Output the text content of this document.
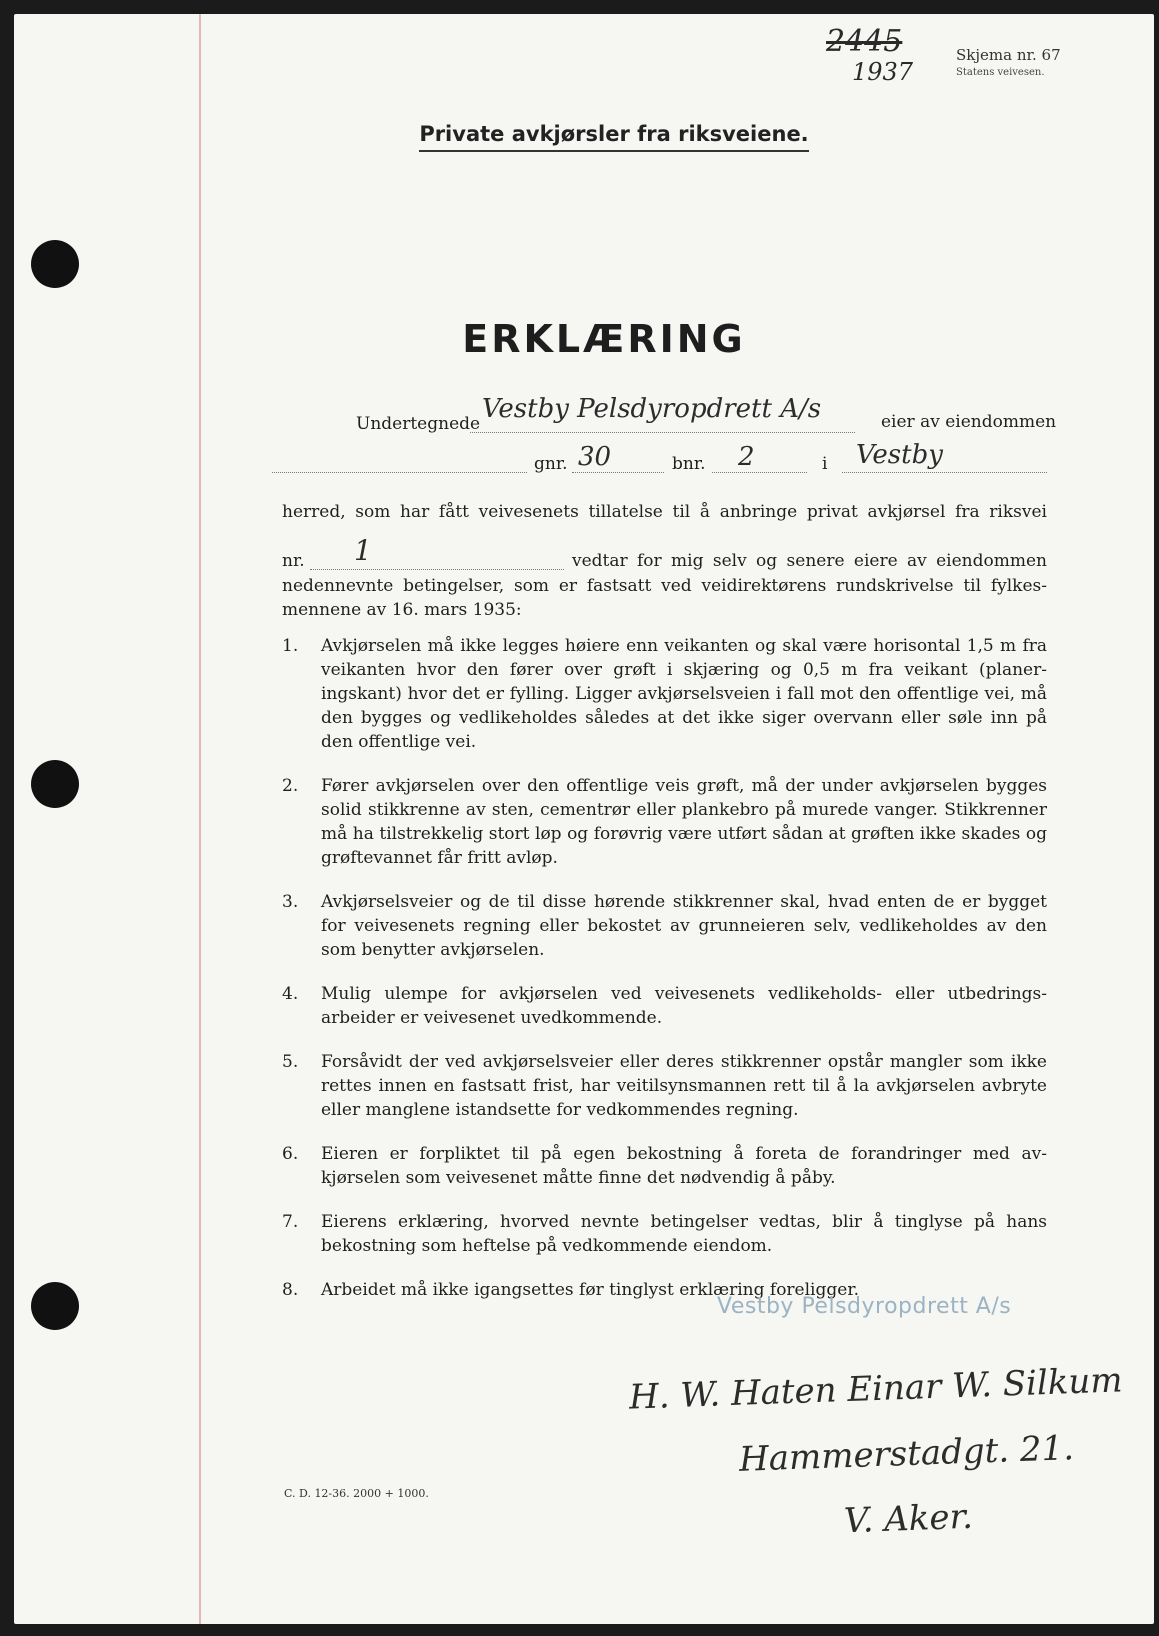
2445
1937
Skjema nr. 67
Statens veivesen.
Private avkjørsler fra riksveiene.
ERKLÆRING
Undertegnede Vestby Pelsdyropdrett A/s	eier av eiendommen
gnr. 30	bnr. 2	i Vestby
herred, som har fått veivesenets tillatelse til å anbringe privat avkjørsel fra riksvei
nr. 1	vedtar for mig selv og senere eiere av eiendommen
nedennevnte betingelser, som er fastsatt ved veidirektørens rundskrivelse til fylkes-
mennene av 16. mars 1935:
1.	Avkjørselen må ikke legges høiere enn veikanten og skal være horisontal 1,5 m fra veikanten hvor den fører over grøft i skjæring og 0,5 m fra veikant (planer-ingskant) hvor det er fylling. Ligger avkjørselsveien i fall mot den offentlige vei, må den bygges og vedlikeholdes således at det ikke siger overvann eller søle inn på den offentlige vei.
2.	Fører avkjørselen over den offentlige veis grøft, må der under avkjørselen bygges solid stikkrenne av sten, cementrør eller plankebro på murede vanger. Stikkrenner må ha tilstrekkelig stort løp og forøvrig være utført sådan at grøften ikke skades og grøftevannet får fritt avløp.
3.	Avkjørselsveier og de til disse hørende stikkrenner skal, hvad enten de er bygget for veivesenets regning eller bekostet av grunneieren selv, vedlikeholdes av den som benytter avkjørselen.
4.	Mulig ulempe for avkjørselen ved veivesenets vedlikeholds- eller utbedrings-arbeider er veivesenet uvedkommende.
5.	Forsåvidt der ved avkjørselsveier eller deres stikkrenner opstår mangler som ikke rettes innen en fastsatt frist, har veitilsynsmannen rett til å la avkjørselen avbryte eller manglene istandsette for vedkommendes regning.
6.	Eieren er forpliktet til på egen bekostning å foreta de forandringer med av-kjørselen som veivesenet måtte finne det nødvendig å påby.
7.	Eierens erklæring, hvorved nevnte betingelser vedtas, blir å tinglyse på hans bekostning som heftelse på vedkommende eiendom.
8.	Arbeidet må ikke igangsettes før tinglyst erklæring foreligger.
Vestby Pelsdyropdrett A/s
H. W. Haten Einar W. Silkum
Hammerstadgt. 21.
V. Aker.
C. D. 12-36. 2000 + 1000.
